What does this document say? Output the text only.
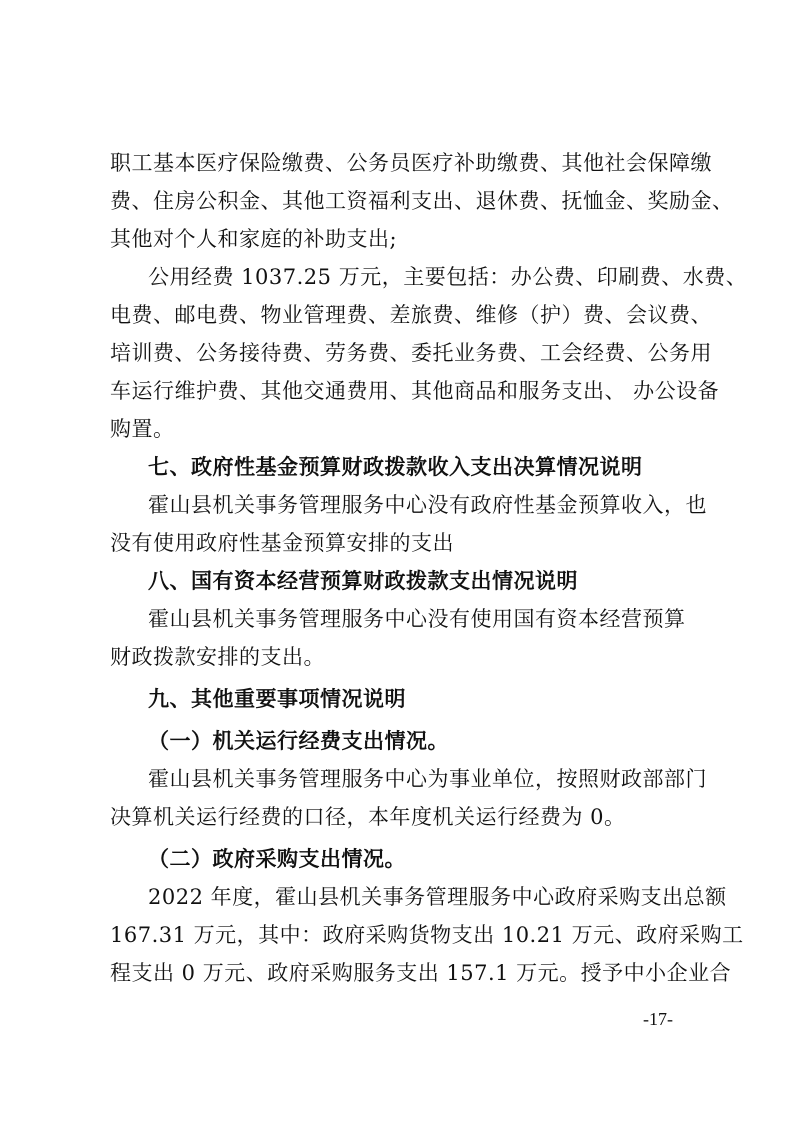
职工基本医疗保险缴费、公务员医疗补助缴费、其他社会保障缴
费、住房公积金、其他工资福利支出、退休费、抚恤金、奖励金、
其他对个人和家庭的补助支出;
公用经费 1037.25 万元，主要包括：办公费、印刷费、水费、
电费、邮电费、物业管理费、差旅费、维修（护）费、会议费、
培训费、公务接待费、劳务费、委托业务费、工会经费、公务用
车运行维护费、其他交通费用、其他商品和服务支出、 办公设备
购置。
七、政府性基金预算财政拨款收入支出决算情况说明
霍山县机关事务管理服务中心没有政府性基金预算收入，也
没有使用政府性基金预算安排的支出
八、国有资本经营预算财政拨款支出情况说明
霍山县机关事务管理服务中心没有使用国有资本经营预算
财政拨款安排的支出。
九、其他重要事项情况说明
（一）机关运行经费支出情况。
霍山县机关事务管理服务中心为事业单位，按照财政部部门
决算机关运行经费的口径，本年度机关运行经费为 0。
（二）政府采购支出情况。
2022 年度，霍山县机关事务管理服务中心政府采购支出总额
167.31 万元，其中：政府采购货物支出 10.21 万元、政府采购工
程支出 0 万元、政府采购服务支出 157.1 万元。授予中小企业合
-17-
